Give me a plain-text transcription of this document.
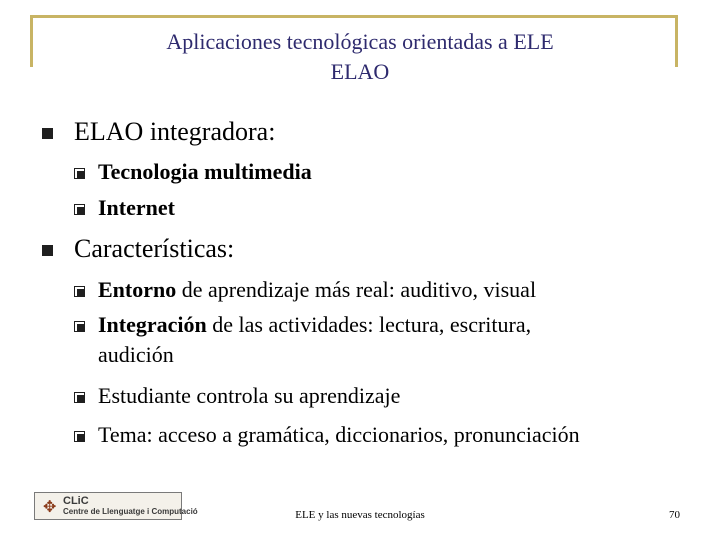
Aplicaciones tecnológicas orientadas a ELE
ELAO
ELAO integradora:
Tecnologia multimedia
Internet
Características:
Entorno de aprendizaje más real: auditivo, visual
Integración de las actividades: lectura, escritura,
audición
Estudiante controla su aprendizaje
Tema: acceso a gramática, diccionarios, pronunciación
✥ CLiC
Centre de Llenguatge i Computació	ELE y las nuevas tecnologías	70
